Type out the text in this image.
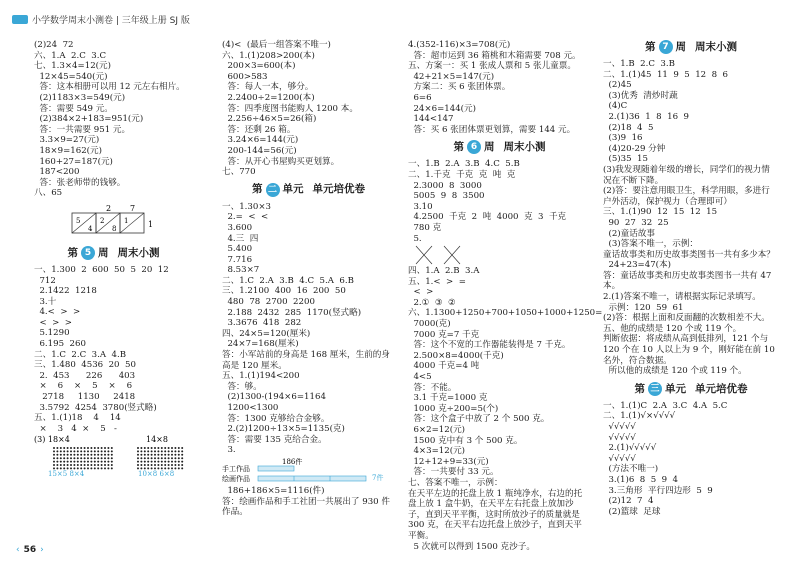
小学数学周末小测卷 | 三年级上册 SJ 版
(2)24  72
六、1.A  2.C  3.C
七、1.3×4=12(元)
12×45=540(元)
答：这本相册可以用 12 元左右相片。
(2)1183×3=549(元)
答：需要 549 元。
(2)384×2+183=951(元)
答：一共需要 951 元。
3.3×9=27(元)
18×9=162(元)
160+27=187(元)
187<200
答：张老师带的钱够。
八、65
2 7
1
5
4
2
8
1
第 5 周 周末小测
一、1.300  2  600  50  5  20  12
712
2.1422  1218
3.十
4.<  >  >
<  >  >
5.1290
6.195  260
二、1.C  2.C  3.A  4.B
三、1.480  4536  20  50
2.  453      226      403
×    6    ×    5    ×    6
2718     1130     2418
3.5792  4254  3780(竖式略)
五、1.(1)18    4    14
×    3   4  ×    5   -
(3) 18×4	14×8
15×5 8×4	10×8 6×8
(4)<  (最后一组答案不唯一)
六、1.(1)208>200(本)
200×3=600(本)
600>583
答：每人一本，够分。
2.2400÷2=1200(本)
答：四季度图书能购人 1200 本。
2.256÷46×5=26(箱)
答：还剩 26 箱。
3.24×6=144(元)
200-144=56(元)
答：从开心书屋购买更划算。
七、770
第 二 单元 单元培优卷
一、1.30×3
2.=  <  <
3.600
4.三  四
5.400
7.716
8.53×7
二、1.C  2.A  3.B  4.C  5.A  6.B
三、1.2100  400  16  200  50
480  78  2700  2200
2.188  2432  285  1170(竖式略)
3.3676  418  282
四、24×5=120(厘米)
24×7=168(厘米)
答：小军站前的身高是 168 厘米，生前的身高是 120 厘米。
五、1.(1)194<200
答：够。
(2)1300-(194×6=1164
1200<1300
答：1300 克够给合金够。
2.(2)1200÷13×5=1135(克)
答：需要 135 克给合金。
3.
186件
手工作品
绘画作品	7件
186+186×5=1116(件)
答：绘画作品和手工社团一共展出了 930 件作品。
4.(352-116)×3=708(元)
答：超市运到 36 箱桃和木箱需要 708 元。
五、方案一：买 1 张成人票和 5 张儿童票。
42+21×5=147(元)
方案二：买 6 张团体票。
6=6
24×6=144(元)
144<147
答：买 6 张团体票更划算，需要 144 元。
第 6 周 周末小测
一、1.B  2.A  3.B  4.C  5.B
二、1.千克  千克  克  吨  克
2.3000  8  3000
5005  9  8  3500
3.10
4.2500  千克  2  吨  4000  克  3  千克
780 克
5.
四、1.A  2.B  3.A
五、1.<  >  =
<  >
2.①  ③  ②
六、1.1300+1250+700+1050+1000+1250=
7000(克)
7000 克=7 千克
答：这个不宽的工作器能装得是 7 千克。
2.500×8=4000(千克)
4000 千克=4 吨
4<5
答：不能。
3.1 千克=1000 克
1000 克÷200=5(个)
答：这个盒子中放了 2 个 500 克。
6×2=12(元)
1500 克中有 3 个 500 克。
4×3=12(元)
12+12+9=33(元)
答：一共要付 33 元。
七、答案不唯一，示例：
在天平左边的托盘上放 1 瓶纯净水，右边的托盘上放 1 盒牛奶，在天平左右托盘上放加沙子，直到天平平衡，这时所放沙子的质量就是 300 克，在天平右边托盘上放沙子，直到天平平衡。
5 次就可以得到 1500 克沙子。
第 7 周 周末小测
一、1.B  2.C  3.B
二、1.(1)45  11  9  5  12  8  6
(2)45
(3)优秀  清炒时蔬
(4)C
2.(1)36  1  8  16  9
(2)18  4  5
(3)9  16
(4)20-29 分钟
(5)35  15
(3)我发现随着年级的增长，同学们的视力情况在不断下降。
(2)答：要注意用眼卫生，科学用眼，多进行户外活动，保护视力（合理即可）
三、1.(1)90  12  15  12  15
90  27  32  25
(2)童话故事
(3)答案不唯一，示例：
童话故事类和历史故事类图书一共有多少本？
24+23=47(本)
答：童话故事类和历史故事类图书一共有 47 本。
2.(1)答案不唯一，请根据实际记录填写。
示例：120  59  61
(2)答：根据上面和反面翻的次数相差不大。
五、他的成绩是 120 个或 119 个。
判断依据：将成绩从高到低排列，121 个与 120 个在 10 人以上为 9 个，刚好能在前 10 名外，符合数据。
所以他的成绩是 120 个或 119 个。
第 三 单元 单元培优卷
一、1.(1)C  2.A  3.C  4.A  5.C
二、1.(1)√×√√√√
√√√√√
√√√√√
2.(1)√√√√√
√√√√√
(方法不唯一)
3.(1)6  8  5  9  4
3.三角形  平行四边形  5  9
(2)12  7  4
(2)篮球  足球
‹ 56 ›
